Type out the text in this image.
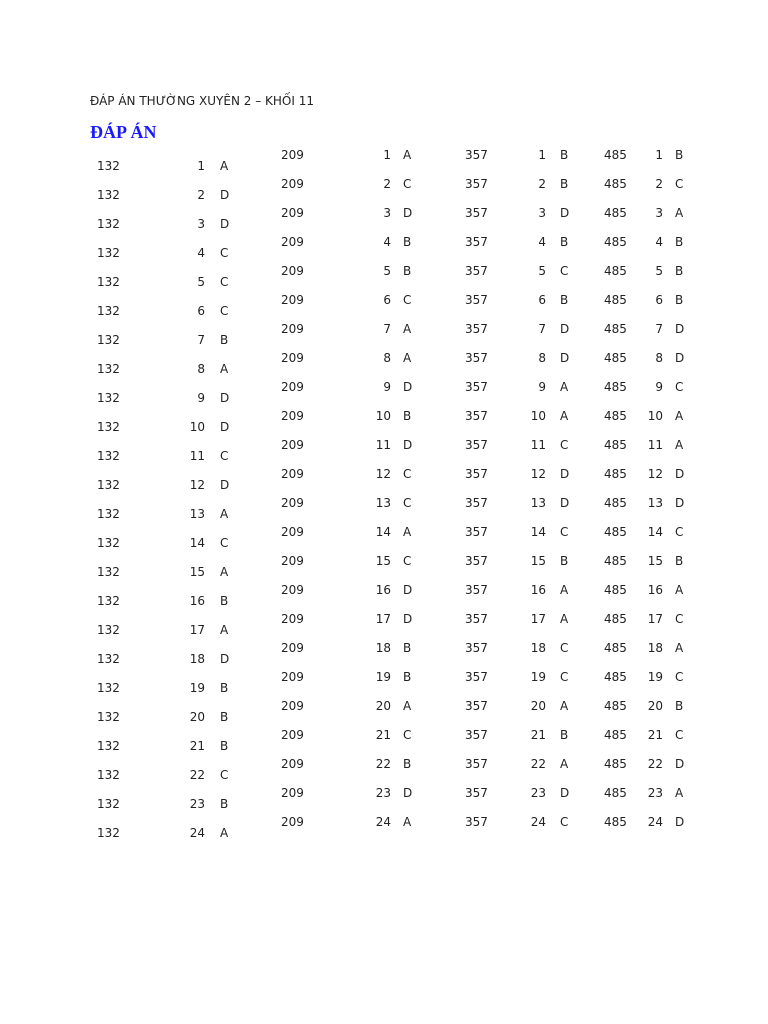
ĐÁP ÁN THƯỜNG XUYÊN 2 – KHỐI 11
ĐÁP ÁN
132	1 A
132	2 D
132	3 D
132	4 C
132	5 C
132	6 C
132	7 B
132	8 A
132	9 D
132	10 D
132	11 C
132	12 D
132	13 A
132	14 C
132	15 A
132	16 B
132	17 A
132	18 D
132	19 B
132	20 B
132	21 B
132	22 C
132	23 B
132	24 A
209	1 A
209	2 C
209	3 D
209	4 B
209	5 B
209	6 C
209	7 A
209	8 A
209	9 D
209	10 B
209	11 D
209	12 C
209	13 C
209	14 A
209	15 C
209	16 D
209	17 D
209	18 B
209	19 B
209	20 A
209	21 C
209	22 B
209	23 D
209	24 A
357	1 B
357	2 B
357	3 D
357	4 B
357	5 C
357	6 B
357	7 D
357	8 D
357	9 A
357	10 A
357	11 C
357	12 D
357	13 D
357	14 C
357	15 B
357	16 A
357	17 A
357	18 C
357	19 C
357	20 A
357	21 B
357	22 A
357	23 D
357	24 C
485	1 B
485	2 C
485	3 A
485	4 B
485	5 B
485	6 B
485	7 D
485	8 D
485	9 C
485	10 A
485	11 A
485	12 D
485	13 D
485	14 C
485	15 B
485	16 A
485	17 C
485	18 A
485	19 C
485	20 B
485	21 C
485	22 D
485	23 A
485	24 D
